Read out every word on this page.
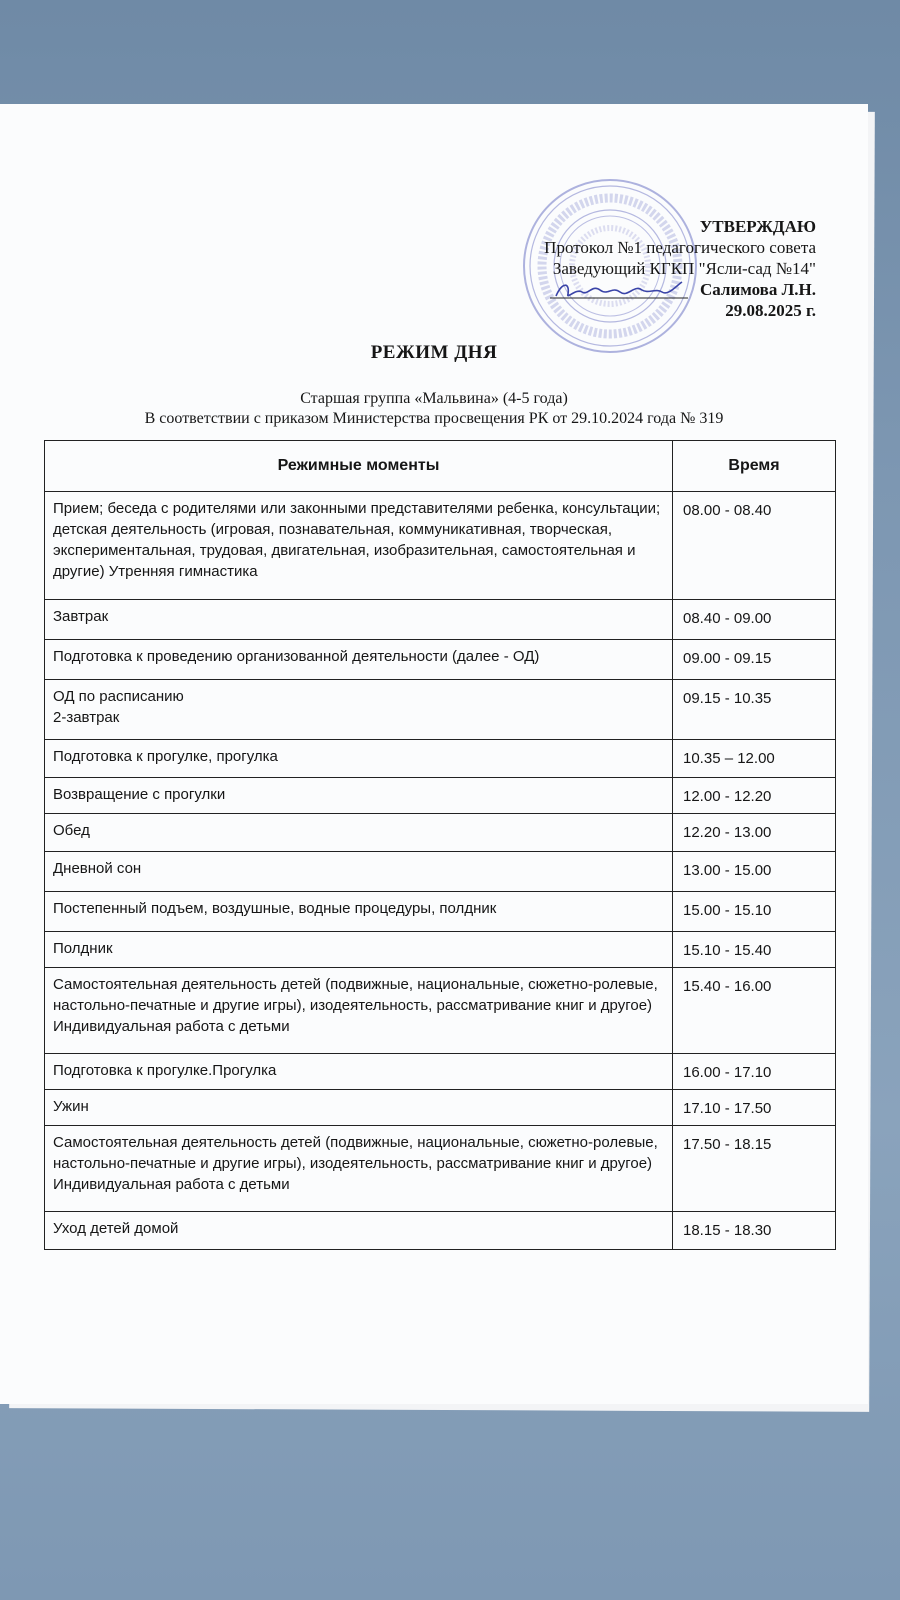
УТВЕРЖДАЮ
Протокол №1 педагогического совета
Заведующий КГКП "Ясли-сад №14"
Салимова Л.Н.
29.08.2025 г.
РЕЖИМ ДНЯ
Старшая группа «Мальвина» (4-5 года)
В соответствии с приказом Министерства просвещения РК от 29.10.2024 года № 319
Режимные моменты	Время
Прием; беседа с родителями или законными представителями ребенка, консультации; детская деятельность (игровая, познавательная, коммуникативная, творческая, экспериментальная, трудовая, двигательная, изобразительная, самостоятельная и другие) Утренняя гимнастика	08.00 - 08.40
Завтрак	08.40 - 09.00
Подготовка к проведению организованной деятельности (далее - ОД)	09.00 - 09.15

ОД по расписанию
2-завтрак	09.15 - 10.35
Подготовка к прогулке, прогулка	10.35 – 12.00
Возвращение с прогулки	12.00 - 12.20
Обед	12.20 - 13.00
Дневной сон	13.00 - 15.00
Постепенный подъем, воздушные, водные процедуры, полдник	15.00 - 15.10
Полдник	15.10 - 15.40
Самостоятельная деятельность детей (подвижные, национальные, сюжетно-ролевые, настольно-печатные и другие игры), изодеятельность, рассматривание книг и другое) Индивидуальная работа с детьми	15.40 - 16.00
Подготовка к прогулке.Прогулка	16.00 - 17.10
Ужин	17.10 - 17.50
Самостоятельная деятельность детей (подвижные, национальные, сюжетно-ролевые, настольно-печатные и другие игры), изодеятельность, рассматривание книг и другое) Индивидуальная работа с детьми	17.50 - 18.15
Уход детей домой	18.15 - 18.30
